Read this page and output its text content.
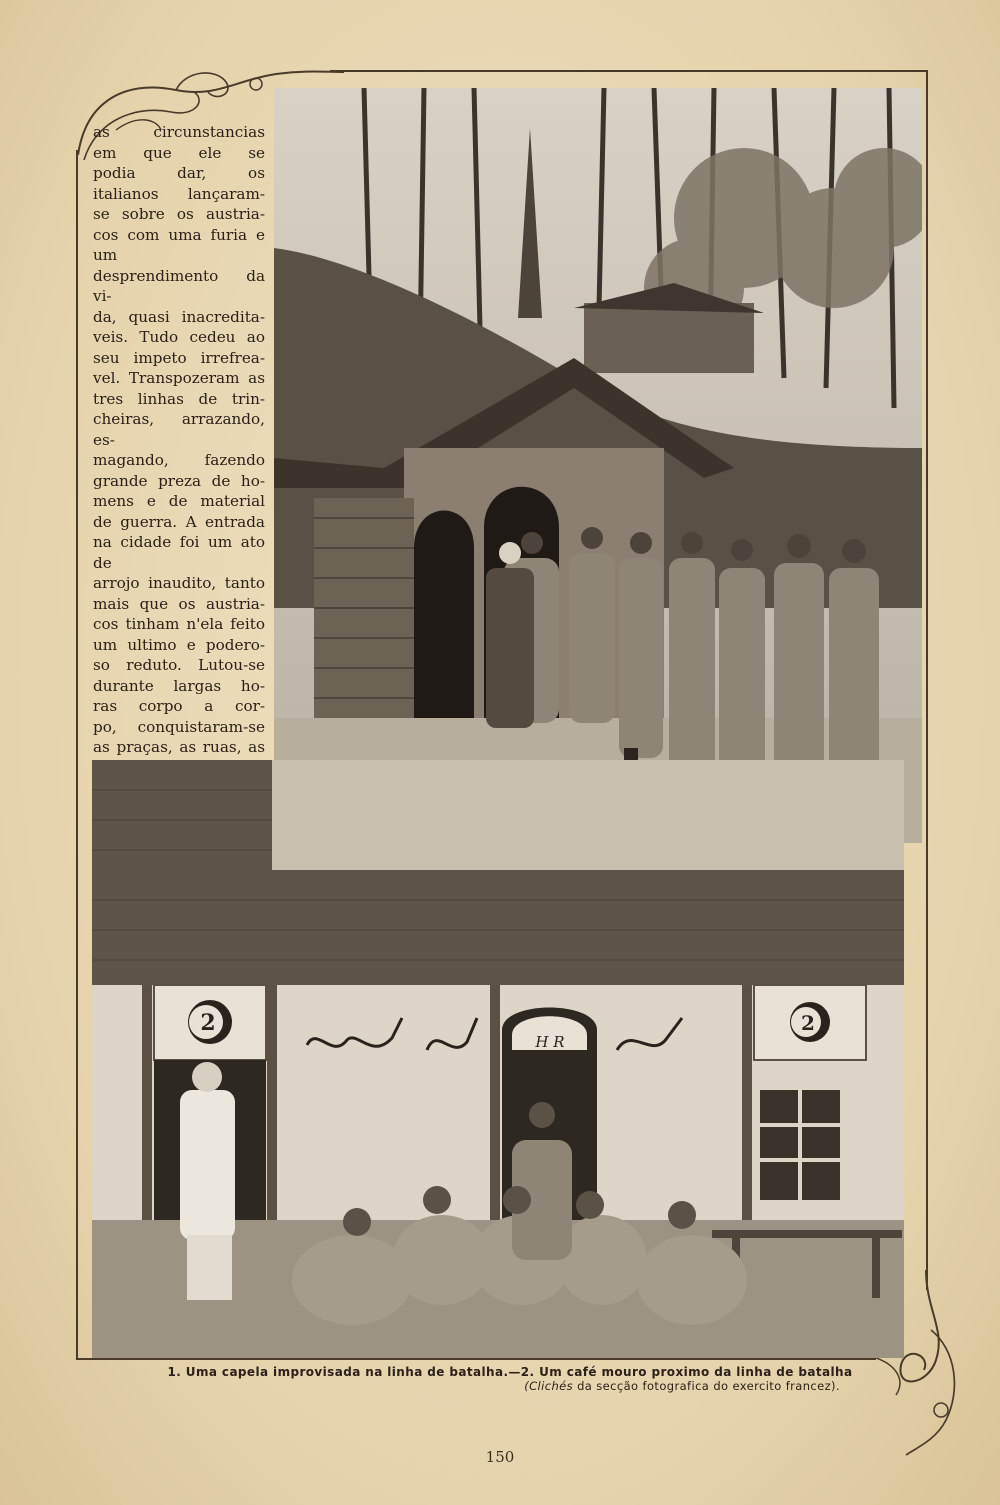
as circunstancias
em que ele se
podia dar, os
italianos lançaram-
se sobre os austria-
cos com uma furia e um
desprendimento da vi-
da, quasi inacredita-
veis. Tudo cedeu ao
seu impeto irrefrea-
vel. Transpozeram as
tres linhas de trin-
cheiras, arrazando, es-
magando, fazendo
grande preza de ho-
mens e de material
de guerra. A entrada
na cidade foi um ato de
arrojo inaudito, tanto
mais que os austria-
cos tinham n'ela feito
um ultimo e podero-
so reduto. Lutou-se
durante largas ho-
ras corpo a cor-
po, conquistaram-se
as praças, as ruas, as

2	2
H R
1. Uma capela improvisada na linha de batalha.—2. Um café mouro proximo da linha de batalha
(Clichés da secção fotografica do exercito francez).
150
